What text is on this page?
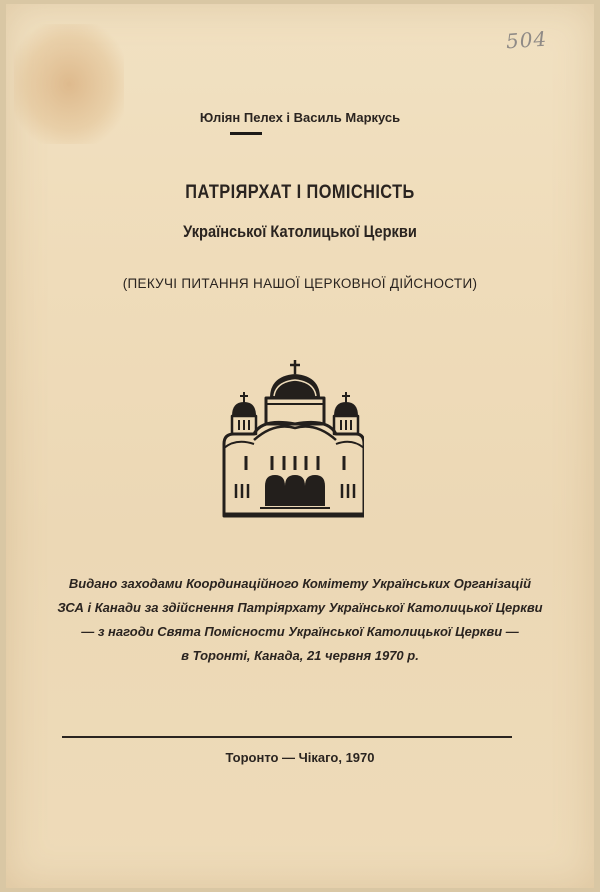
504
Юліян Пелех і Василь Маркусь
ПАТРІЯРХАТ І ПОМІСНІСТЬ
Української Католицької Церкви
(ПЕКУЧІ ПИТАННЯ НАШОЇ ЦЕРКОВНОЇ ДІЙСНОСТИ)
Видано заходами Координаційного Комітету Українських Організацій
ЗСА і Канади за здійснення Патріярхату Української Католицької Церкви
— з нагоди Свята Помісности Української Католицької Церкви —
в Торонті, Канада, 21 червня 1970 р.
Торонто — Чікаго, 1970
